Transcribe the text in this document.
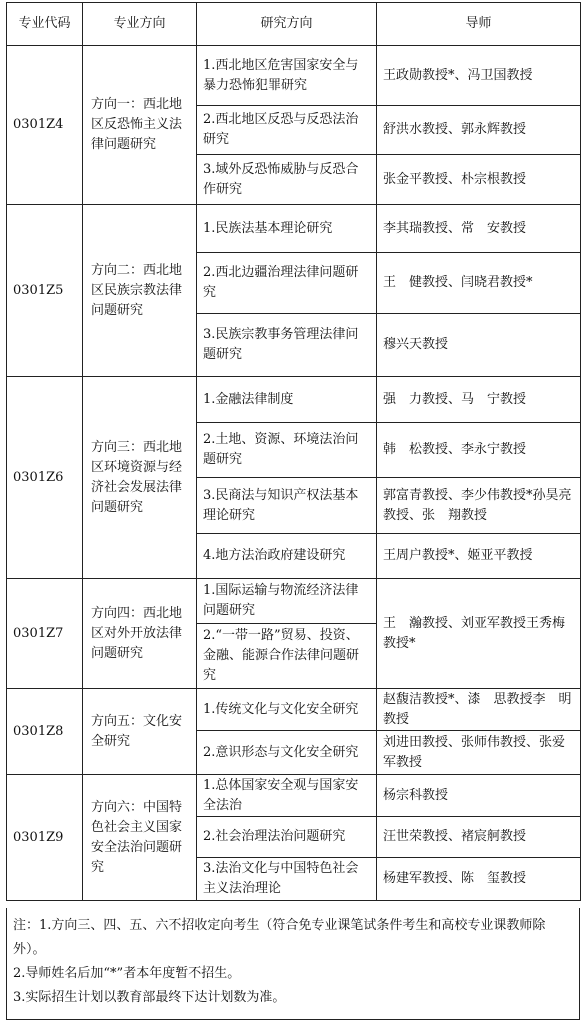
专业代码	专业方向	研究方向	导师
0301Z4	方向一：西北地区反恐怖主义法律问题研究	1.西北地区危害国家安全与暴力恐怖犯罪研究	王政勋教授*、冯卫国教授
		2.西北地区反恐与反恐法治研究	舒洪水教授、郭永辉教授
		3.域外反恐怖威胁与反恐合作研究	张金平教授、朴宗根教授
0301Z5	方向二：西北地区民族宗教法律问题研究	1.民族法基本理论研究	李其瑞教授、常　安教授
		2.西北边疆治理法律问题研究	王　健教授、闫晓君教授*
		3.民族宗教事务管理法律问题研究	穆兴天教授
0301Z6	方向三：西北地区环境资源与经济社会发展法律问题研究	1.金融法律制度	强　力教授、马　宁教授
		2.土地、资源、环境法治问题研究	韩　松教授、李永宁教授
		3.民商法与知识产权法基本理论研究	郭富青教授、李少伟教授*孙昊亮教授、张　翔教授
		4.地方法治政府建设研究	王周户教授*、姬亚平教授
0301Z7	方向四：西北地区对外开放法律问题研究	1.国际运输与物流经济法律问题研究	王　瀚教授、刘亚军教授王秀梅教授*
		2.“一带一路”贸易、投资、金融、能源合作法律问题研究	
0301Z8	方向五：文化安全研究	1.传统文化与文化安全研究	赵馥洁教授*、漆　思教授李　明教授
		2.意识形态与文化安全研究	刘进田教授、张师伟教授、张爱军教授
0301Z9	方向六：中国特色社会主义国家安全法治问题研究	1.总体国家安全观与国家安全法治	杨宗科教授
		2.社会治理法治问题研究	汪世荣教授、褚宸舸教授
		3.法治文化与中国特色社会主义法治理论	杨建军教授、陈　玺教授
注：1.方向三、四、五、六不招收定向考生（符合免专业课笔试条件考生和高校专业课教师除外）。
2.导师姓名后加“*”者本年度暂不招生。
3.实际招生计划以教育部最终下达计划数为准。
